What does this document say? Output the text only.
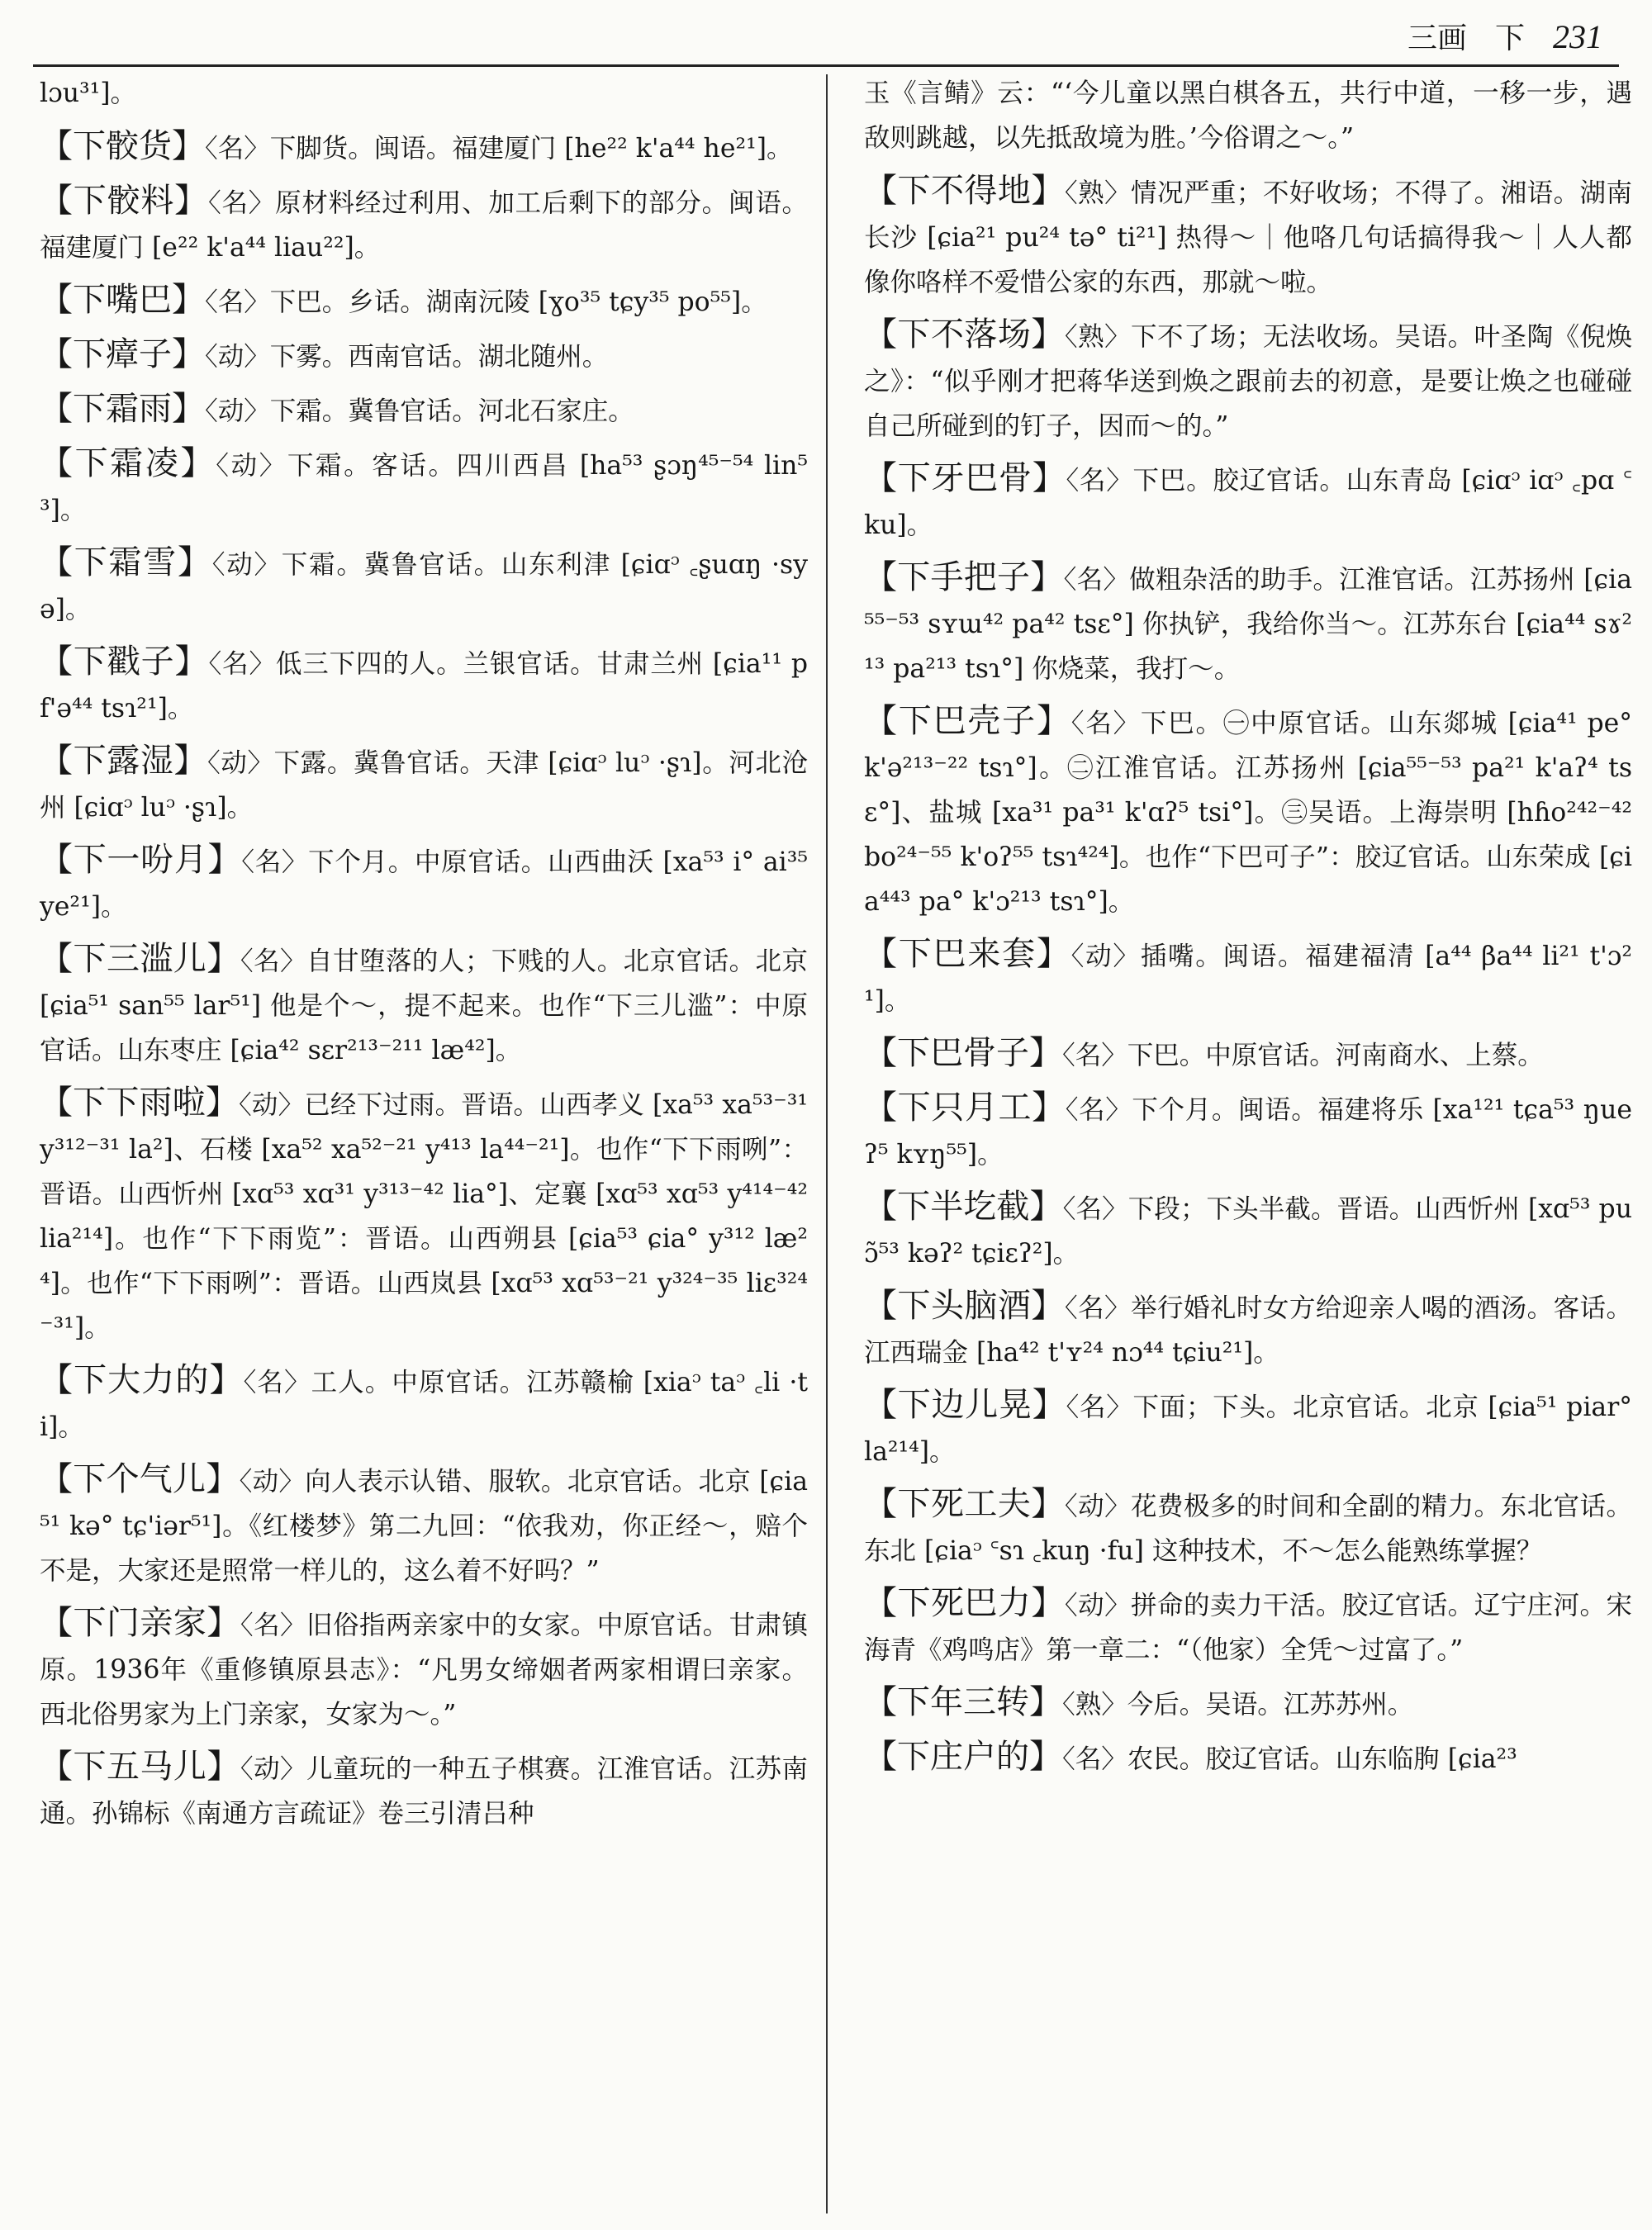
三画 下 231

lɔu³¹]。

【下骹货】〈名〉下脚货。闽语。福建厦门 [he²² k'a⁴⁴ he²¹]。

【下骹料】〈名〉原材料经过利用、加工后剩下的部分。闽语。福建厦门 [e²² k'a⁴⁴ liau²²]。

【下嘴巴】〈名〉下巴。乡话。湖南沅陵 [ɣo³⁵ tɕy³⁵ po⁵⁵]。

【下瘴子】〈动〉下雾。西南官话。湖北随州。

【下霜雨】〈动〉下霜。冀鲁官话。河北石家庄。

【下霜凌】〈动〉下霜。客话。四川西昌 [ha⁵³ ʂɔŋ⁴⁵⁻⁵⁴ lin⁵³]。

【下霜雪】〈动〉下霜。冀鲁官话。山东利津 [ɕiɑᵓ ꜀ʂuɑŋ ·syə]。

【下戳子】〈名〉低三下四的人。兰银官话。甘肃兰州 [ɕia¹¹ pf'ə⁴⁴ tsɿ²¹]。

【下露湿】〈动〉下露。冀鲁官话。天津 [ɕiɑᵓ luᵓ ·ʂɿ]。河北沧州 [ɕiɑᵓ luᵓ ·ʂɿ]。

【下一吩月】〈名〉下个月。中原官话。山西曲沃 [xa⁵³ i° ai³⁵ ye²¹]。

【下三滥儿】〈名〉自甘堕落的人；下贱的人。北京官话。北京 [ɕia⁵¹ san⁵⁵ lar⁵¹] 他是个～，提不起来。也作“下三儿滥”：中原官话。山东枣庄 [ɕia⁴² sɛr²¹³⁻²¹¹ læ⁴²]。

【下下雨啦】〈动〉已经下过雨。晋语。山西孝义 [xa⁵³ xa⁵³⁻³¹ y³¹²⁻³¹ la²]、石楼 [xa⁵² xa⁵²⁻²¹ y⁴¹³ la⁴⁴⁻²¹]。也作“下下雨咧”：晋语。山西忻州 [xɑ⁵³ xɑ³¹ y³¹³⁻⁴² lia°]、定襄 [xɑ⁵³ xɑ⁵³ y⁴¹⁴⁻⁴² lia²¹⁴]。也作“下下雨览”：晋语。山西朔县 [ɕia⁵³ ɕia° y³¹² læ²⁴]。也作“下下雨咧”：晋语。山西岚县 [xɑ⁵³ xɑ⁵³⁻²¹ y³²⁴⁻³⁵ liɛ³²⁴⁻³¹]。

【下大力的】〈名〉工人。中原官话。江苏赣榆 [xiaᵓ taᵓ ꜀li ·ti]。

【下个气儿】〈动〉向人表示认错、服软。北京官话。北京 [ɕia⁵¹ kə° tɕ'iər⁵¹]。《红楼梦》第二九回：“依我劝，你正经～，赔个不是，大家还是照常一样儿的，这么着不好吗？”

【下门亲家】〈名〉旧俗指两亲家中的女家。中原官话。甘肃镇原。1936年《重修镇原县志》：“凡男女缔姻者两家相谓曰亲家。西北俗男家为上门亲家，女家为～。”

【下五马儿】〈动〉儿童玩的一种五子棋赛。江淮官话。江苏南通。孙锦标《南通方言疏证》卷三引清吕种

玉《言鲭》云：“‘今儿童以黑白棋各五，共行中道，一移一步，遇敌则跳越，以先抵敌境为胜。’今俗谓之～。”

【下不得地】〈熟〉情况严重；不好收场；不得了。湘语。湖南长沙 [ɕia²¹ pu²⁴ tə° ti²¹] 热得～｜他咯几句话搞得我～｜人人都像你咯样不爱惜公家的东西，那就～啦。

【下不落场】〈熟〉下不了场；无法收场。吴语。叶圣陶《倪焕之》：“似乎刚才把蒋华送到焕之跟前去的初意，是要让焕之也碰碰自己所碰到的钉子，因而～的。”

【下牙巴骨】〈名〉下巴。胶辽官话。山东青岛 [ɕiɑᵓ iɑᵓ ꜀pɑ ꜂ku]。

【下手把子】〈名〉做粗杂活的助手。江淮官话。江苏扬州 [ɕia⁵⁵⁻⁵³ sʏɯ⁴² pa⁴² tsɛ°] 你执铲，我给你当～。江苏东台 [ɕia⁴⁴ sɤ²¹³ pa²¹³ tsɿ°] 你烧菜，我打～。

【下巴壳子】〈名〉下巴。㊀中原官话。山东郯城 [ɕia⁴¹ pe° k'ə²¹³⁻²² tsɿ°]。㊁江淮官话。江苏扬州 [ɕia⁵⁵⁻⁵³ pa²¹ k'aʔ⁴ tsɛ°]、盐城 [xa³¹ pa³¹ k'ɑʔ⁵ tsi°]。㊂吴语。上海崇明 [hɦo²⁴²⁻⁴² bo²⁴⁻⁵⁵ k'oʔ⁵⁵ tsɿ⁴²⁴]。也作“下巴可子”：胶辽官话。山东荣成 [ɕia⁴⁴³ pa° k'ɔ²¹³ tsɿ°]。

【下巴来套】〈动〉插嘴。闽语。福建福清 [a⁴⁴ βa⁴⁴ li²¹ t'ɔ²¹]。

【下巴骨子】〈名〉下巴。中原官话。河南商水、上蔡。

【下只月工】〈名〉下个月。闽语。福建将乐 [xa¹²¹ tɕa⁵³ ŋueʔ⁵ kʏŋ⁵⁵]。

【下半圪截】〈名〉下段；下头半截。晋语。山西忻州 [xɑ⁵³ puɔ̃⁵³ kəʔ² tɕiɛʔ²]。

【下头脑酒】〈名〉举行婚礼时女方给迎亲人喝的酒汤。客话。江西瑞金 [ha⁴² t'ʏ²⁴ nɔ⁴⁴ tɕiu²¹]。

【下边儿晃】〈名〉下面；下头。北京官话。北京 [ɕia⁵¹ piar° la²¹⁴]。

【下死工夫】〈动〉花费极多的时间和全副的精力。东北官话。东北 [ɕiaᵓ ꜂sɿ ꜀kuŋ ·fu] 这种技术，不～怎么能熟练掌握？

【下死巴力】〈动〉拼命的卖力干活。胶辽官话。辽宁庄河。宋海青《鸡鸣店》第一章二：“（他家）全凭～过富了。”

【下年三转】〈熟〉今后。吴语。江苏苏州。

【下庄户的】〈名〉农民。胶辽官话。山东临朐 [ɕia²³
